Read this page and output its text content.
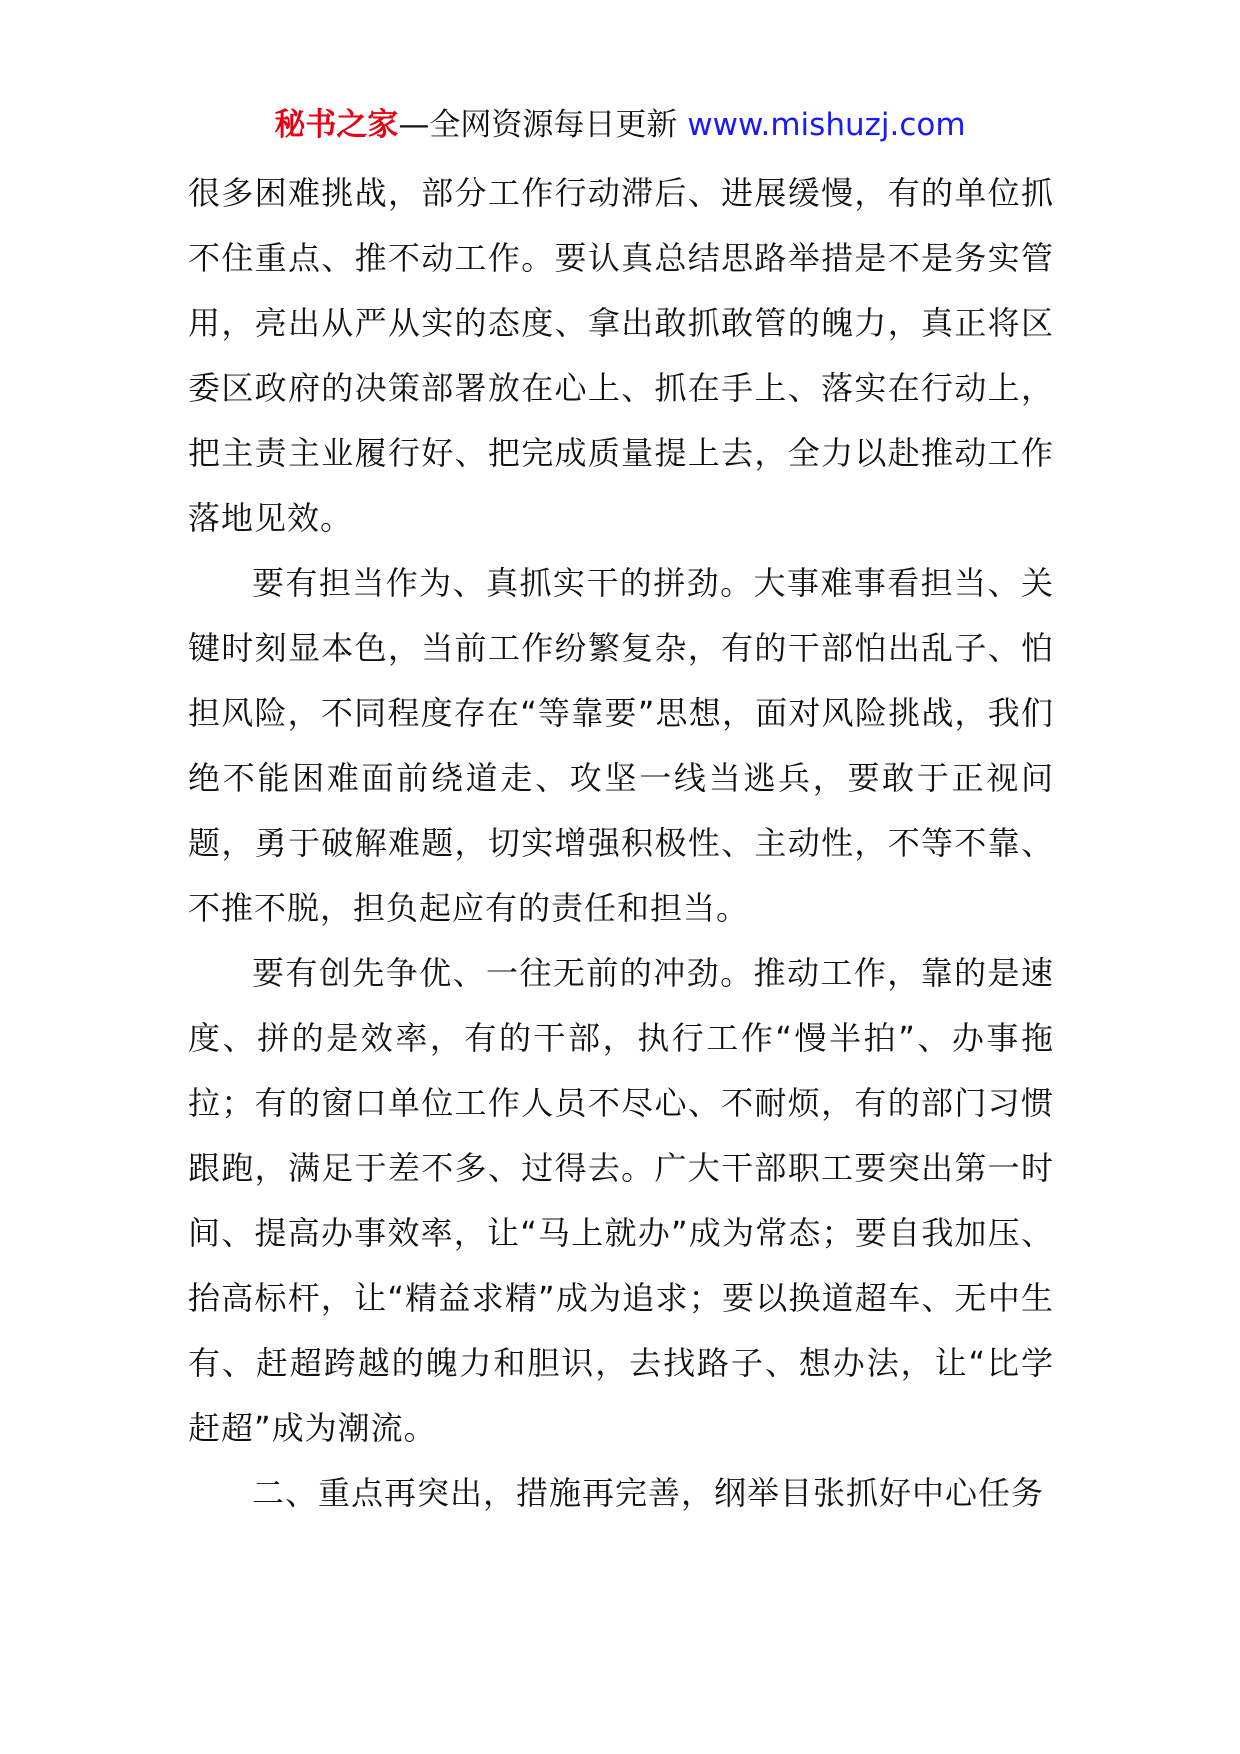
秘书之家—全网资源每日更新 www.mishuzj.com

很多困难挑战，部分工作行动滞后、进展缓慢，有的单位抓不住重点、推不动工作。要认真总结思路举措是不是务实管用，亮出从严从实的态度、拿出敢抓敢管的魄力，真正将区委区政府的决策部署放在心上、抓在手上、落实在行动上，把主责主业履行好、把完成质量提上去，全力以赴推动工作落地见效。

要有担当作为、真抓实干的拼劲。大事难事看担当、关键时刻显本色，当前工作纷繁复杂，有的干部怕出乱子、怕担风险，不同程度存在“等靠要”思想，面对风险挑战，我们绝不能困难面前绕道走、攻坚一线当逃兵，要敢于正视问题，勇于破解难题，切实增强积极性、主动性，不等不靠、不推不脱，担负起应有的责任和担当。

要有创先争优、一往无前的冲劲。推动工作，靠的是速度、拼的是效率，有的干部，执行工作“慢半拍”、办事拖拉；有的窗口单位工作人员不尽心、不耐烦，有的部门习惯跟跑，满足于差不多、过得去。广大干部职工要突出第一时间、提高办事效率，让“马上就办”成为常态；要自我加压、抬高标杆，让“精益求精”成为追求；要以换道超车、无中生有、赶超跨越的魄力和胆识，去找路子、想办法，让“比学赶超”成为潮流。

二、重点再突出，措施再完善，纲举目张抓好中心任务
